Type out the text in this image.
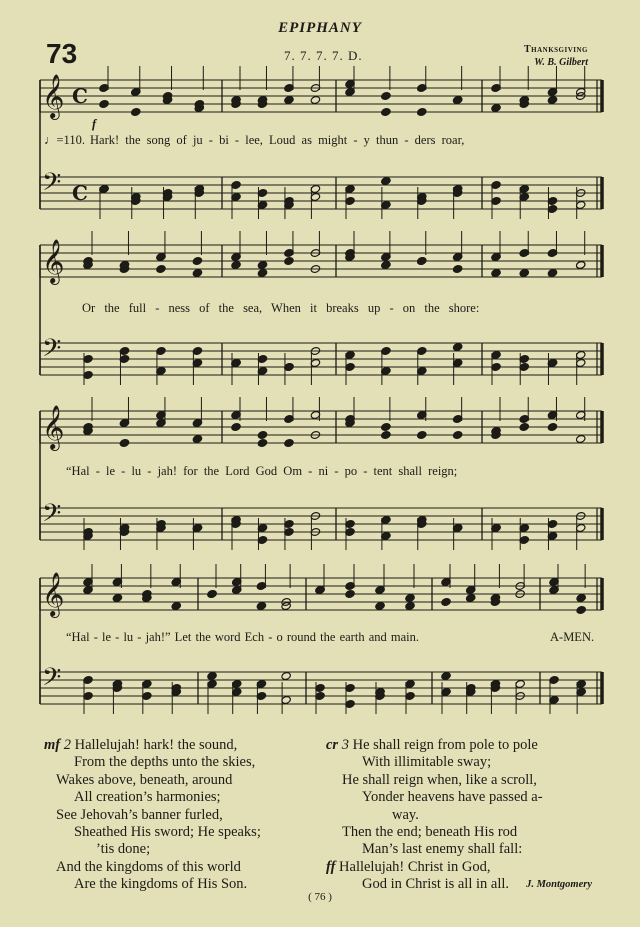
EPIPHANY
73	7. 7. 7. 7. D.	Thanksgiving
W. B. Gilbert
𝄞 C
𝄢 C
𝄞
𝄢
𝄞
𝄢
𝄞
𝄢
♩=110.
f
Hark! the song of ju - bi - lee, Loud as might - y thun - ders roar,
Or the full - ness of the sea, When it breaks up - on the shore:
“Hal - le - lu - jah! for the Lord God Om - ni - po - tent shall reign;
“Hal - le - lu - jah!” Let the word Ech - o round the earth and main.	A-MEN.
mf 2 Hallelujah! hark! the sound,
From the depths unto the skies,
Wakes above, beneath, around
All creation’s harmonies;
See Jehovah’s banner furled,
Sheathed His sword; He speaks;
’tis done;
And the kingdoms of this world
Are the kingdoms of His Son.
cr 3 He shall reign from pole to pole
With illimitable sway;
He shall reign when, like a scroll,
Yonder heavens have passed a-
way.
Then the end; beneath His rod
Man’s last enemy shall fall:
ff Hallelujah! Christ in God,
God in Christ is all in all.	J. Montgomery
( 76 )
